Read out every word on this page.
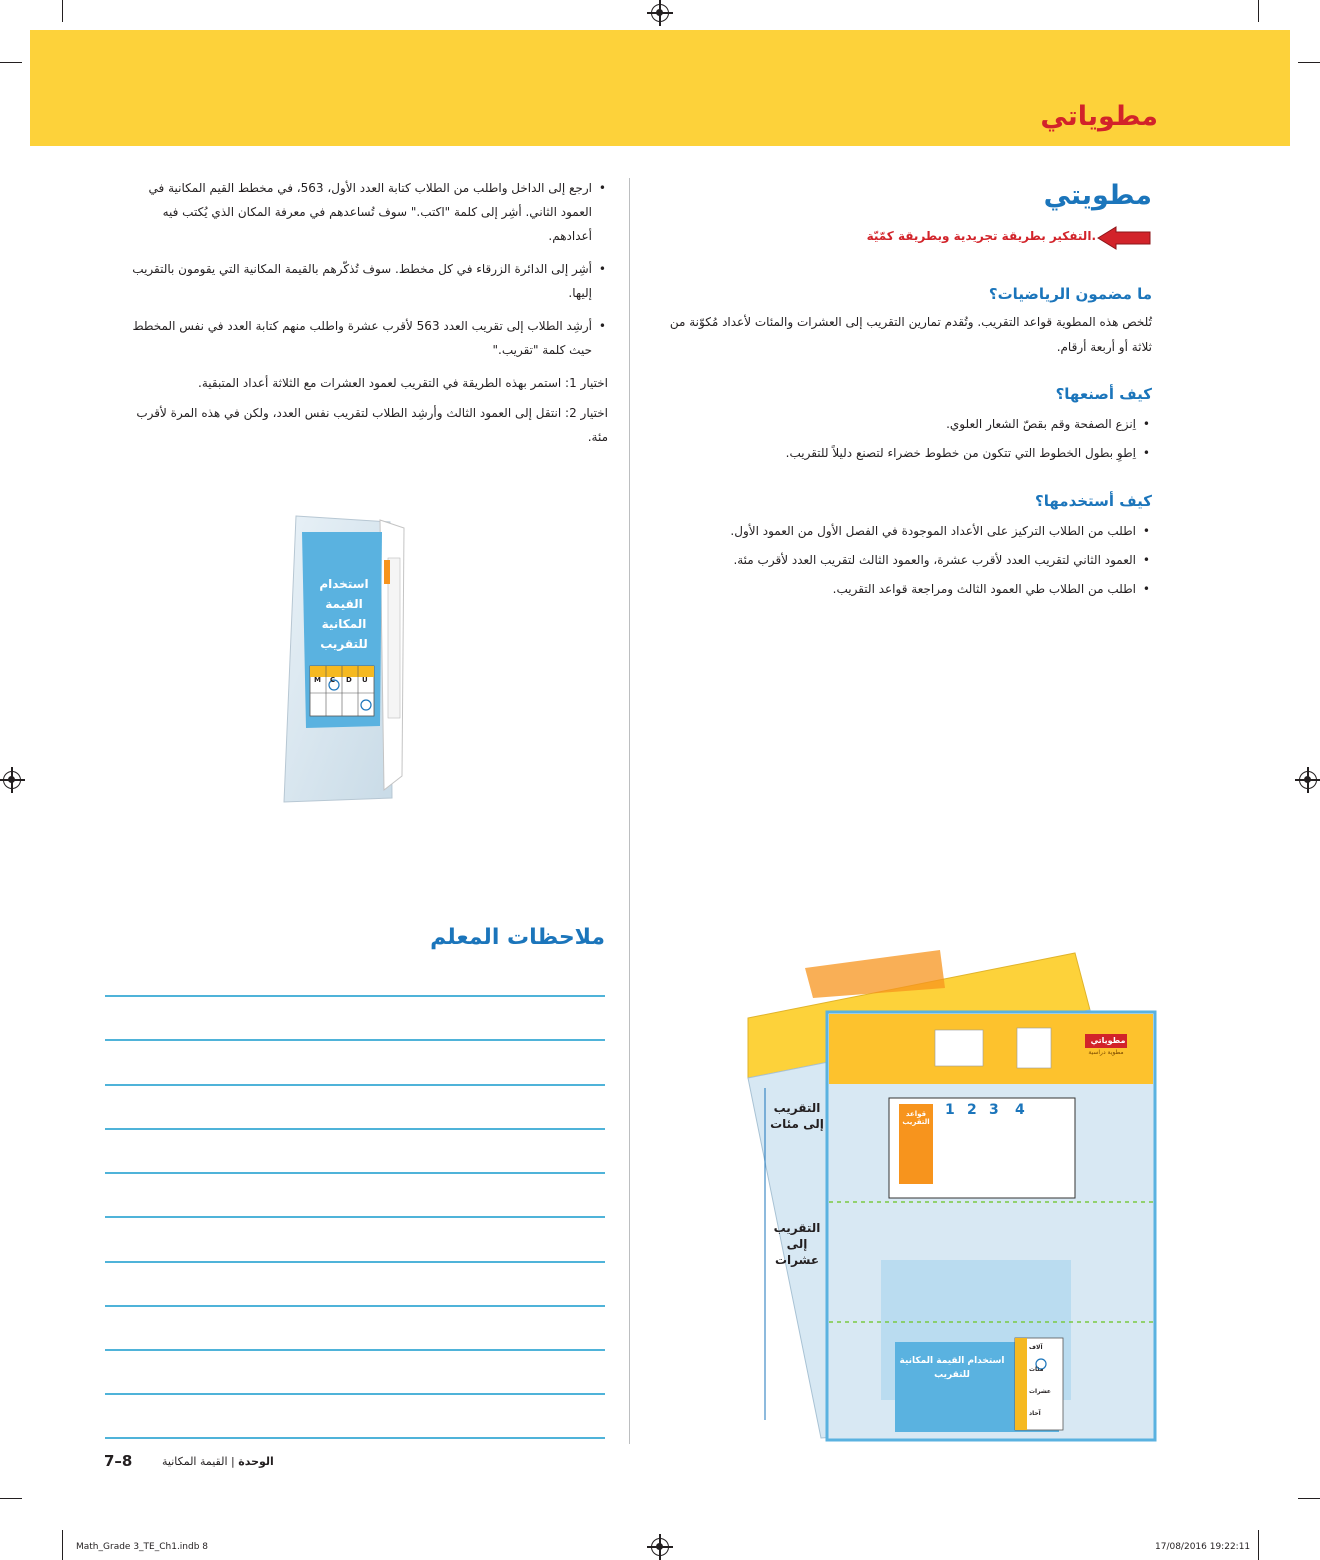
مطوياتي
مطويتي
التفكير بطريقة تجريدية وبطريقة كمّيّة.
ما مضمون الرياضيات؟
تُلخص هذه المطوية قواعد التقريب. وتُقدم تمارين التقريب إلى العشرات والمئات لأعداد مُكوّنة من ثلاثة أو أربعة أرقام.
كيف أصنعها؟
• اِنزع الصفحة وقم بقصّ الشعار العلوي.
• اِطوِ بطول الخطوط التي تتكون من خطوط خضراء لتصنع دليلاً للتقريب.
كيف أستخدمها؟
• اطلب من الطلاب التركيز على الأعداد الموجودة في الفصل الأول من العمود الأول.
• العمود الثاني لتقريب العدد لأقرب عشرة، والعمود الثالث لتقريب العدد لأقرب مئة.
• اطلب من الطلاب طي العمود الثالث ومراجعة قواعد التقريب.
• ارجع إلى الداخل واطلب من الطلاب كتابة العدد الأول، 563، في مخطط القيم المكانية في العمود الثاني. أشِر إلى كلمة "اكتب." سوف تُساعدهم في معرفة المكان الذي يُكتب فيه أعدادهم.
• أشِر إلى الدائرة الزرقاء في كل مخطط. سوف تُذكّرهم بالقيمة المكانية التي يقومون بالتقريب إليها.
• أرشِد الطلاب إلى تقريب العدد 563 لأقرب عشرة واطلب منهم كتابة العدد في نفس المخطط حيث كلمة "تقريب."
اختيار 1: استمر بهذه الطريقة في التقريب لعمود العشرات مع الثلاثة أعداد المتبقية.
اختيار 2: انتقل إلى العمود الثالث وأرشِد الطلاب لتقريب نفس العدد، ولكن في هذه المرة لأقرب مئة.
استخدام القيمة المكانية للتقريب
M C D U
مطوياتي
مطوية دراسية
قواعد التقريب
1 2 3 4
التقريب إلى مئات
التقريب إلى عشرات
استخدام القيمة المكانية للتقريب
آلاف
مئات
عشرات
آحاد
ملاحظات المعلم
7–8	الوحدة | القيمة المكانية
Math_Grade 3_TE_Ch1.indb 8	17/08/2016 19:22:11
